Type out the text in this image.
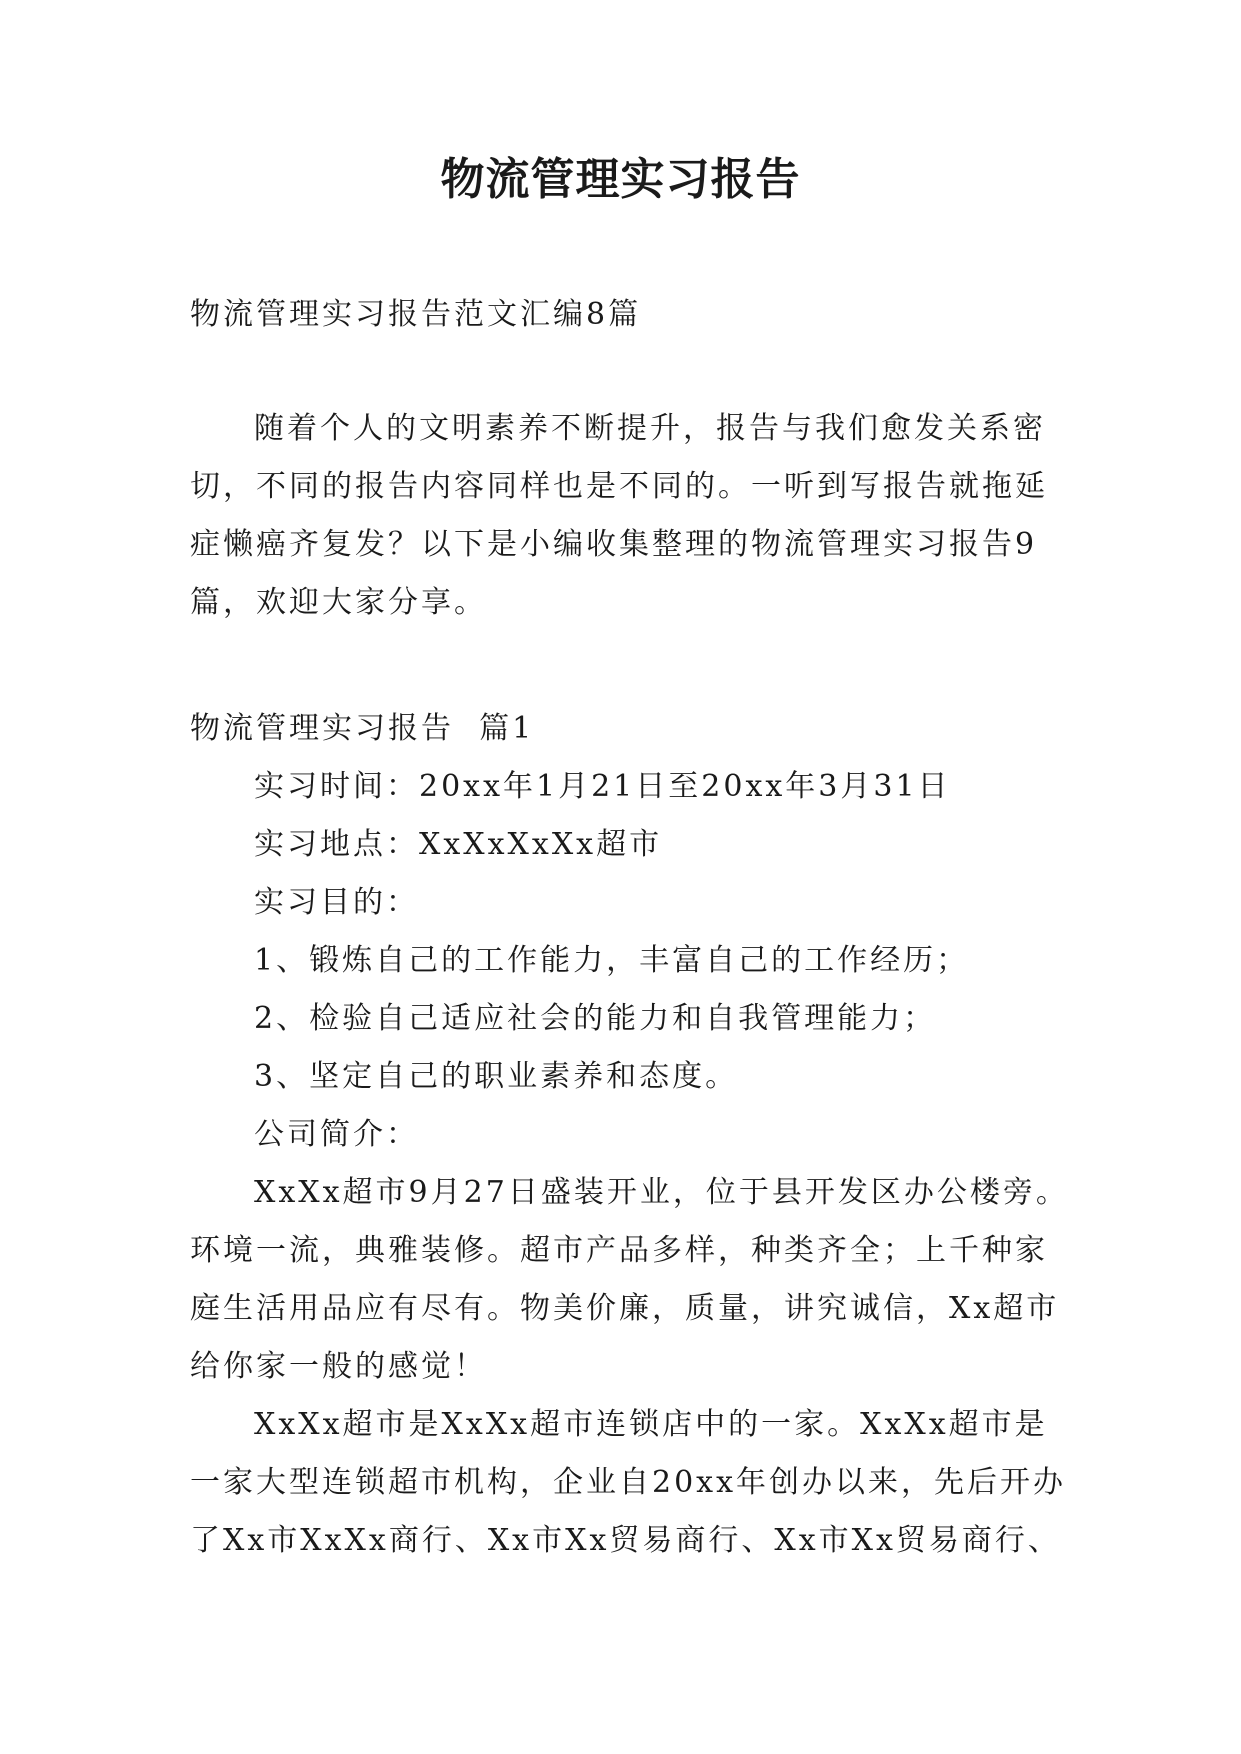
物流管理实习报告

物流管理实习报告范文汇编8篇

随着个人的文明素养不断提升，报告与我们愈发关系密切，不同的报告内容同样也是不同的。一听到写报告就拖延症懒癌齐复发？以下是小编收集整理的物流管理实习报告9篇，欢迎大家分享。

物流管理实习报告  篇1

实习时间：20xx年1月21日至20xx年3月31日

实习地点：XxXxXxXx超市

实习目的：

1、锻炼自己的工作能力，丰富自己的工作经历；

2、检验自己适应社会的能力和自我管理能力；

3、坚定自己的职业素养和态度。

公司简介：

XxXx超市9月27日盛装开业，位于县开发区办公楼旁。环境一流，典雅装修。超市产品多样，种类齐全；上千种家庭生活用品应有尽有。物美价廉，质量，讲究诚信，Xx超市给你家一般的感觉！

XxXx超市是XxXx超市连锁店中的一家。XxXx超市是一家大型连锁超市机构，企业自20xx年创办以来，先后开办了Xx市XxXx商行、Xx市Xx贸易商行、Xx市Xx贸易商行、
